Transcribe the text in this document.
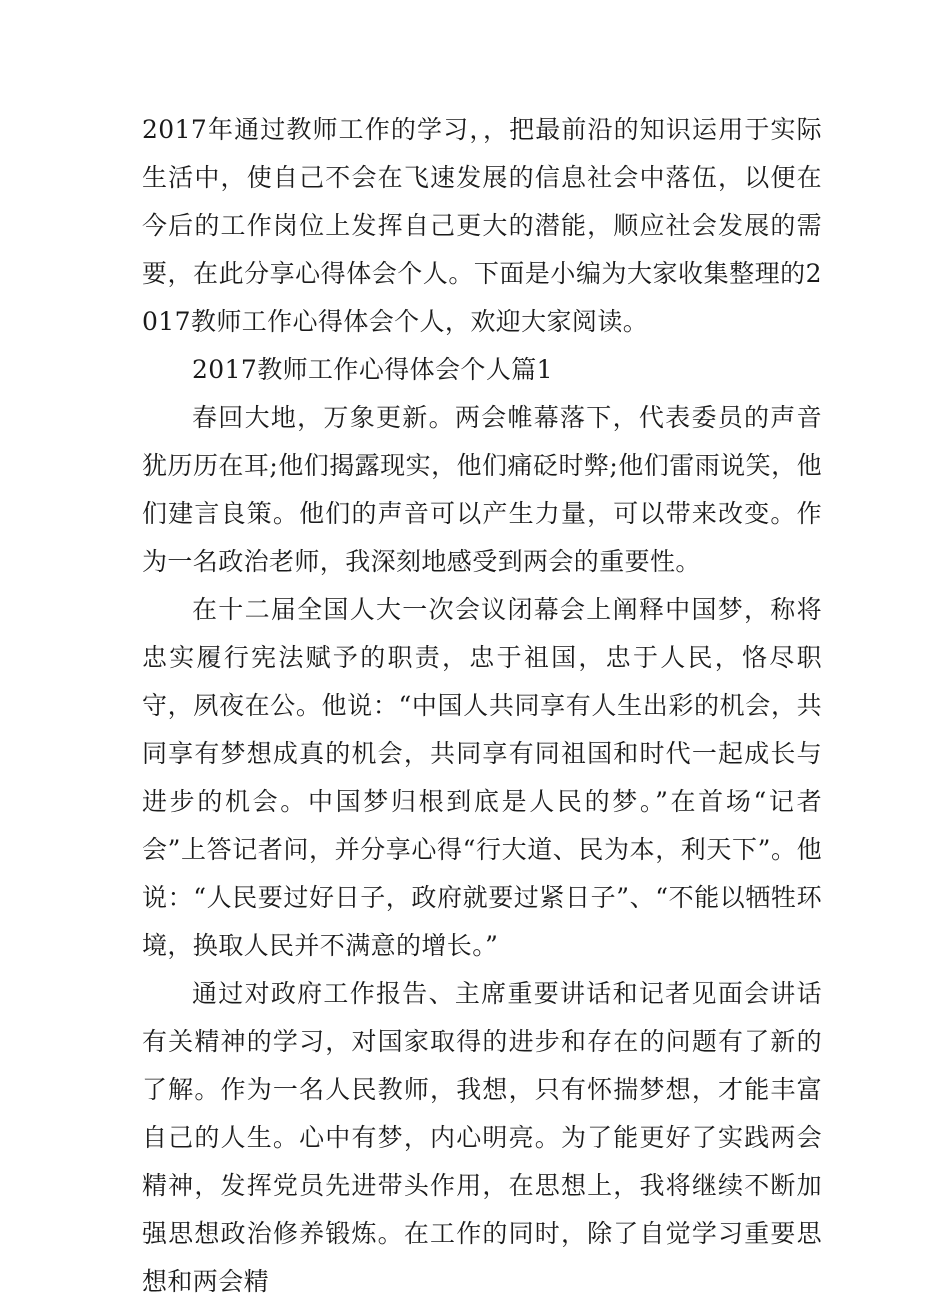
2017年通过教师工作的学习，，把最前沿的知识运用于实际生活中，使自己不会在飞速发展的信息社会中落伍，以便在今后的工作岗位上发挥自己更大的潜能，顺应社会发展的需要，在此分享心得体会个人。下面是小编为大家收集整理的2017教师工作心得体会个人，欢迎大家阅读。

2017教师工作心得体会个人篇1

春回大地，万象更新。两会帷幕落下，代表委员的声音犹历历在耳;他们揭露现实，他们痛砭时弊;他们雷雨说笑，他们建言良策。他们的声音可以产生力量，可以带来改变。作为一名政治老师，我深刻地感受到两会的重要性。

在十二届全国人大一次会议闭幕会上阐释中国梦，称将忠实履行宪法赋予的职责，忠于祖国，忠于人民，恪尽职守，夙夜在公。他说：“中国人共同享有人生出彩的机会，共同享有梦想成真的机会，共同享有同祖国和时代一起成长与进步的机会。中国梦归根到底是人民的梦。”在首场“记者会”上答记者问，并分享心得“行大道、民为本，利天下”。他说：“人民要过好日子，政府就要过紧日子”、“不能以牺牲环境，换取人民并不满意的增长。”

通过对政府工作报告、主席重要讲话和记者见面会讲话有关精神的学习，对国家取得的进步和存在的问题有了新的了解。作为一名人民教师，我想，只有怀揣梦想，才能丰富自己的人生。心中有梦，内心明亮。为了能更好了实践两会精神，发挥党员先进带头作用，在思想上，我将继续不断加强思想政治修养锻炼。在工作的同时，除了自觉学习重要思想和两会精
